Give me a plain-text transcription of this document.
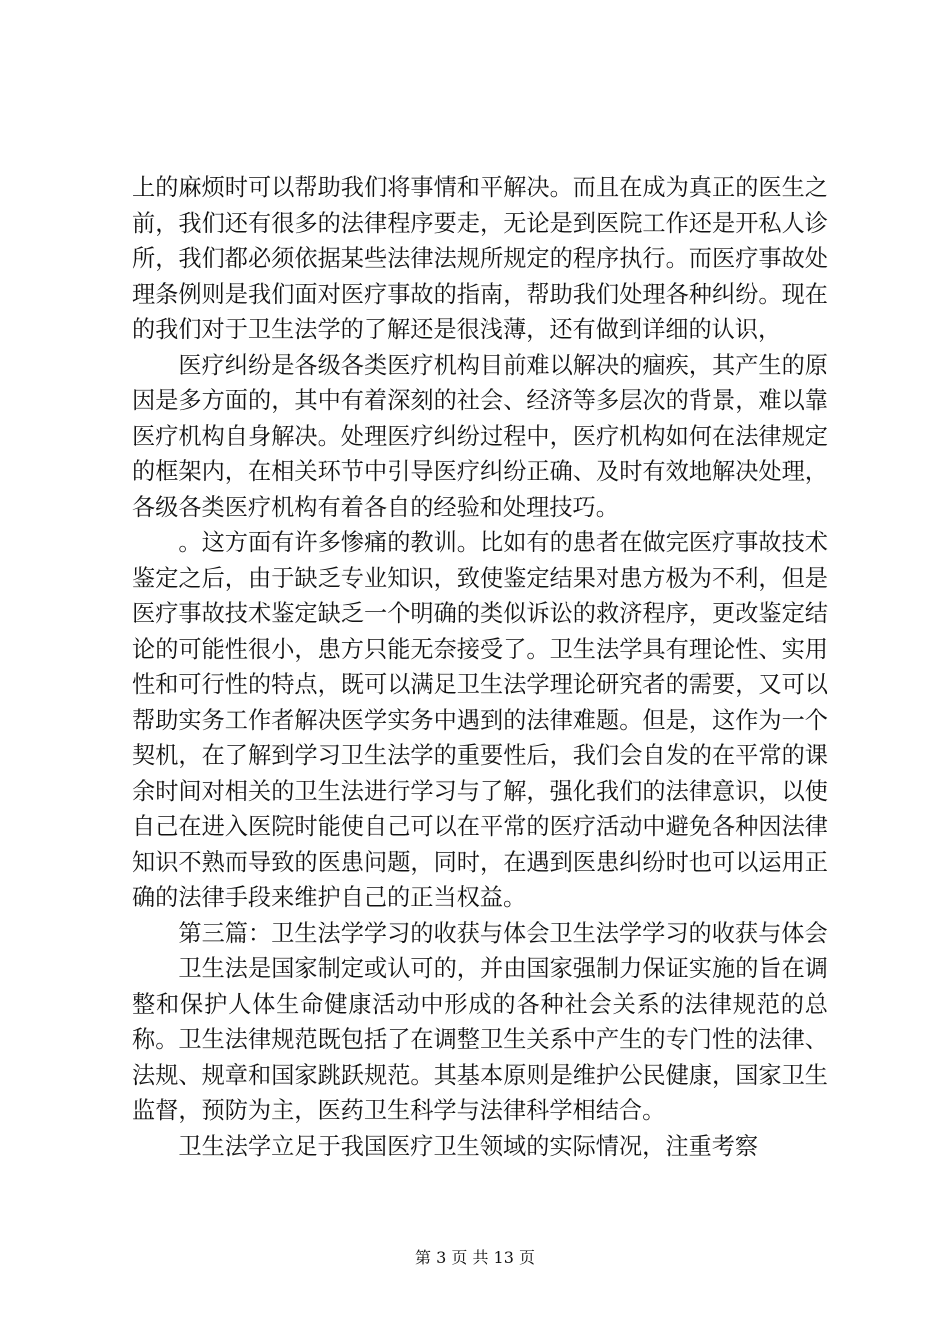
上的麻烦时可以帮助我们将事情和平解决。而且在成为真正的医生之前，我们还有很多的法律程序要走，无论是到医院工作还是开私人诊所，我们都必须依据某些法律法规所规定的程序执行。而医疗事故处理条例则是我们面对医疗事故的指南，帮助我们处理各种纠纷。现在的我们对于卫生法学的了解还是很浅薄，还有做到详细的认识，

医疗纠纷是各级各类医疗机构目前难以解决的痼疾，其产生的原因是多方面的，其中有着深刻的社会、经济等多层次的背景，难以靠医疗机构自身解决。处理医疗纠纷过程中，医疗机构如何在法律规定的框架内，在相关环节中引导医疗纠纷正确、及时有效地解决处理，各级各类医疗机构有着各自的经验和处理技巧。

。这方面有许多惨痛的教训。比如有的患者在做完医疗事故技术鉴定之后，由于缺乏专业知识，致使鉴定结果对患方极为不利，但是医疗事故技术鉴定缺乏一个明确的类似诉讼的救济程序，更改鉴定结论的可能性很小，患方只能无奈接受了。卫生法学具有理论性、实用性和可行性的特点，既可以满足卫生法学理论研究者的需要，又可以帮助实务工作者解决医学实务中遇到的法律难题。但是，这作为一个契机，在了解到学习卫生法学的重要性后，我们会自发的在平常的课余时间对相关的卫生法进行学习与了解，强化我们的法律意识，以使自己在进入医院时能使自己可以在平常的医疗活动中避免各种因法律知识不熟而导致的医患问题，同时，在遇到医患纠纷时也可以运用正确的法律手段来维护自己的正当权益。

第三篇：卫生法学学习的收获与体会卫生法学学习的收获与体会

卫生法是国家制定或认可的，并由国家强制力保证实施的旨在调整和保护人体生命健康活动中形成的各种社会关系的法律规范的总称。卫生法律规范既包括了在调整卫生关系中产生的专门性的法律、法规、规章和国家跳跃规范。其基本原则是维护公民健康，国家卫生监督，预防为主，医药卫生科学与法律科学相结合。

卫生法学立足于我国医疗卫生领域的实际情况，注重考察

第 3 页 共 13 页
